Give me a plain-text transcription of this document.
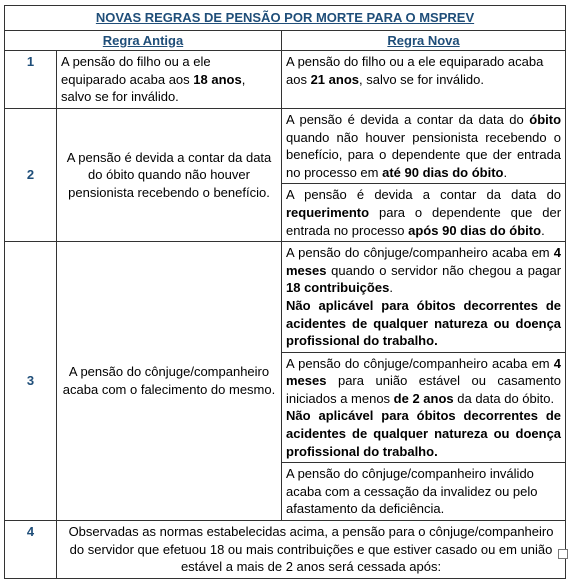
NOVAS REGRAS DE PENSÃO POR MORTE PARA O MSPREV		
Regra Antiga		Regra Nova
1	A pensão do filho ou a ele equiparado acaba aos 18 anos, salvo se for inválido.	A pensão do filho ou a ele equiparado acaba aos 21 anos, salvo se for inválido.
2	A pensão é devida a contar da data do óbito quando não houver pensionista recebendo o benefício.	A pensão é devida a contar da data do óbito quando não houver pensionista recebendo o benefício, para o dependente que der entrada no processo em até 90 dias do óbito.
		A pensão é devida a contar da data do requerimento para o dependente que der entrada no processo após 90 dias do óbito.
3	A pensão do cônjuge/companheiro acaba com o falecimento do mesmo.	A pensão do cônjuge/companheiro acaba em 4 meses quando o servidor não chegou a pagar 18 contribuições.
Não aplicável para óbitos decorrentes de acidentes de qualquer natureza ou doença profissional do trabalho.
		A pensão do cônjuge/companheiro acaba em 4 meses para união estável ou casamento iniciados a menos de 2 anos da data do óbito.
Não aplicável para óbitos decorrentes de acidentes de qualquer natureza ou doença profissional do trabalho.
		A pensão do cônjuge/companheiro inválido acaba com a cessação da invalidez ou pelo afastamento da deficiência.
4	Observadas as normas estabelecidas acima, a pensão para o cônjuge/companheiro do servidor que efetuou 18 ou mais contribuições e que estiver casado ou em união estável a mais de 2 anos será cessada após:	
